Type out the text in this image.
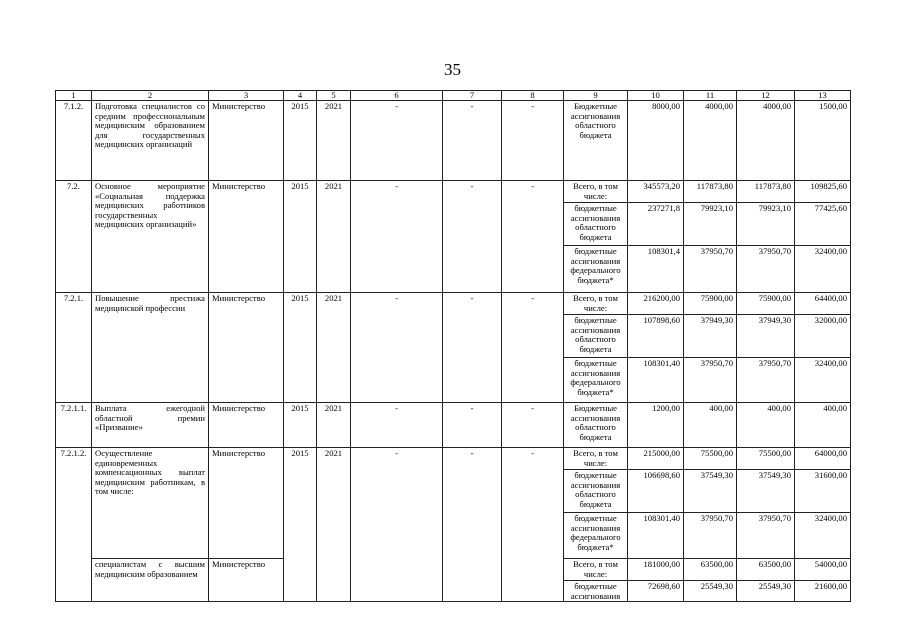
35
1	2	3	4	5	6	7	8	9	10	11	12	13
7.1.2.	Подготовка специалистов со средним профессиональным медицинским образованием для государственных медицинских организаций	Министерство	2015	2021	-	-	-	Бюджетные ассигнования областного бюджета	8000,00	4000,00	4000,00	1500,00
7.2.	Основное мероприятие «Социальная поддержка медицинских работников государственных медицинских организаций»	Министерство	2015	2021	-	-	-	Всего, в том числе:	345573,20	117873,80	117873,80	109825,60
								бюджетные ассигнования областного бюджета	237271,8	79923,10	79923,10	77425,60
								бюджетные ассигнования федерального бюджета*	108301,4	37950,70	37950,70	32400,00
7.2.1.	Повышение престижа медицинской профессии	Министерство	2015	2021	-	-	-	Всего, в том числе:	216200,00	75900,00	75900,00	64400,00
								бюджетные ассигнования областного бюджета	107898,60	37949,30	37949,30	32000,00
								бюджетные ассигнования федерального бюджета*	108301,40	37950,70	37950,70	32400,00
7.2.1.1.	Выплата ежегодной областной премии «Призвание»	Министерство	2015	2021	-	-	-	Бюджетные ассигнования областного бюджета	1200,00	400,00	400,00	400,00
7.2.1.2.	Осуществление единовременных компенсационных выплат медицинским работникам, в том числе:	Министерство	2015	2021	-	-	-	Всего, в том числе:	215000,00	75500,00	75500,00	64000,00
								бюджетные ассигнования областного бюджета	106698,60	37549,30	37549,30	31600,00
								бюджетные ассигнования федерального бюджета*	108301,40	37950,70	37950,70	32400,00
	специалистам с высшим медицинским образованием	Министерство						Всего, в том числе:	181000,00	63500,00	63500,00	54000,00
								бюджетные ассигнования	72698,60	25549,30	25549,30	21600,00
